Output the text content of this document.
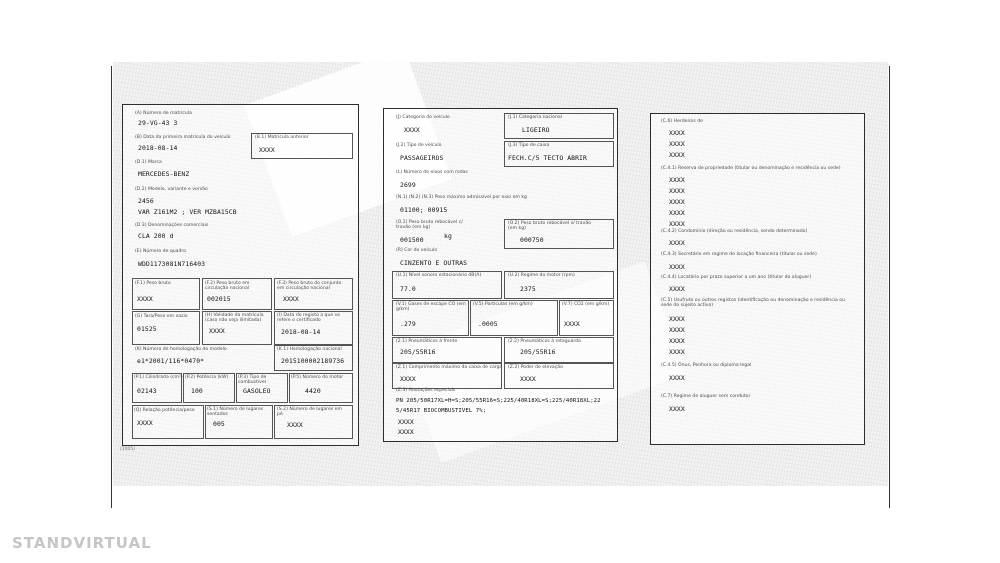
(A) Número de matrícula
29-VG-43 3
(B) Data da primeira matrícula do veículo
2018-08-14
(B.1) Matrícula anterior
XXXX
(D.1) Marca
MERCEDES-BENZ
(D.2) Modelo, variante e versão
2456
VAR Z161M2 ; VER MZBA15CB
(D.3) Denominações comerciais
CLA 200 d
(E) Número de quadro
WDD1173081N716403
(F.1) Peso bruto
XXXX
(F.2) Peso bruto em circulação nacional
002015
(F.3) Peso bruto do conjunto em circulação nacional
XXXX
(G) Tara/Peso em vazio
01525
(H) Validade da matrícula (caso não seja ilimitada)
XXXX
(I) Data do registo a que se refere o certificado
2018-08-14
(K) Número de homologação do modelo
e1*2001/116*0470*
(K.1) Homologação nacional
2015100002189736
(P.1) Cilindrada (cm³)
02143
(P.2) Potência (kW)
100
(P.3) Tipo de combustível
GASOLEO
(P.5) Número do motor
4420
(Q) Relação potência/peso
XXXX
(S.1) Número de lugares sentados
005
(S.2) Número de lugares em pé
XXXX
(J) Categoria do veículo
XXXX
(J.1) Categoria nacional
LIGEIRO
(J.2) Tipo de veículo
PASSAGEIROS
(J.3) Tipo de caixa
FECH.C/5 TECTO ABRIR
(L) Número de eixos com rodas
2699
(N.1) (N.2) (N.3) Peso máximo admissível por eixo em kg
01100; 00915
(O.1) Peso bruto rebocável c/ travão (em kg)
001500	kg
(O.2) Peso bruto rebocável s/ travão (em kg)
000750
(R) Cor do veículo
CINZENTO E OUTRAS
(U.1) Nível sonoro estacionário dB(A)
77.0
(U.2) Regime do motor (rpm)
2375
(V.1) Gases de escape CO (em g/km)
.279
(V.5) Partículas (em g/km)
.0005
(V.7) CO2 (em g/km)
XXXX
(2.1) Pneumáticos à frente
205/55R16
(2.2) Pneumáticos à retaguarda
205/55R16
(Z.1) Comprimento máximo da caixa de carga
XXXX
(Z.2) Poder de elevação
XXXX
(Z.3) Anotações especiais
PN 205/50R17XL=H=S;205/55R16=S;225/40R18XL=S;225/40R18XL;22
5/45R17 BIOCOMBUSTIVEL 7%;
XXXX
XXXX
(C.6) Herdeiros de
XXXX
XXXX
XXXX
(C.4.1) Reserva de propriedade (titular ou denominação e residência ou sede)
XXXX
XXXX
XXXX
XXXX
XXXX
(C.4.2) Condomínio (direção ou residência, sendo determinado)
XXXX
(C.4.3) Secretário em regime de locação financeira (titular ou sede)
XXXX
(C.4.4) Locatário por prazo superior a um ano (titular do aluguer)
XXXX
(C.5) Usufruto ou outros registos (identificação ou denominação e residência ou sede do sujeito activo)
XXXX
XXXX
XXXX
XXXX
(C.4.5) Ónus, Penhora ou diploma legal
XXXX
(C.7) Regime de aluguer sem condutor
XXXX
(1005)
STANDVIRTUAL
